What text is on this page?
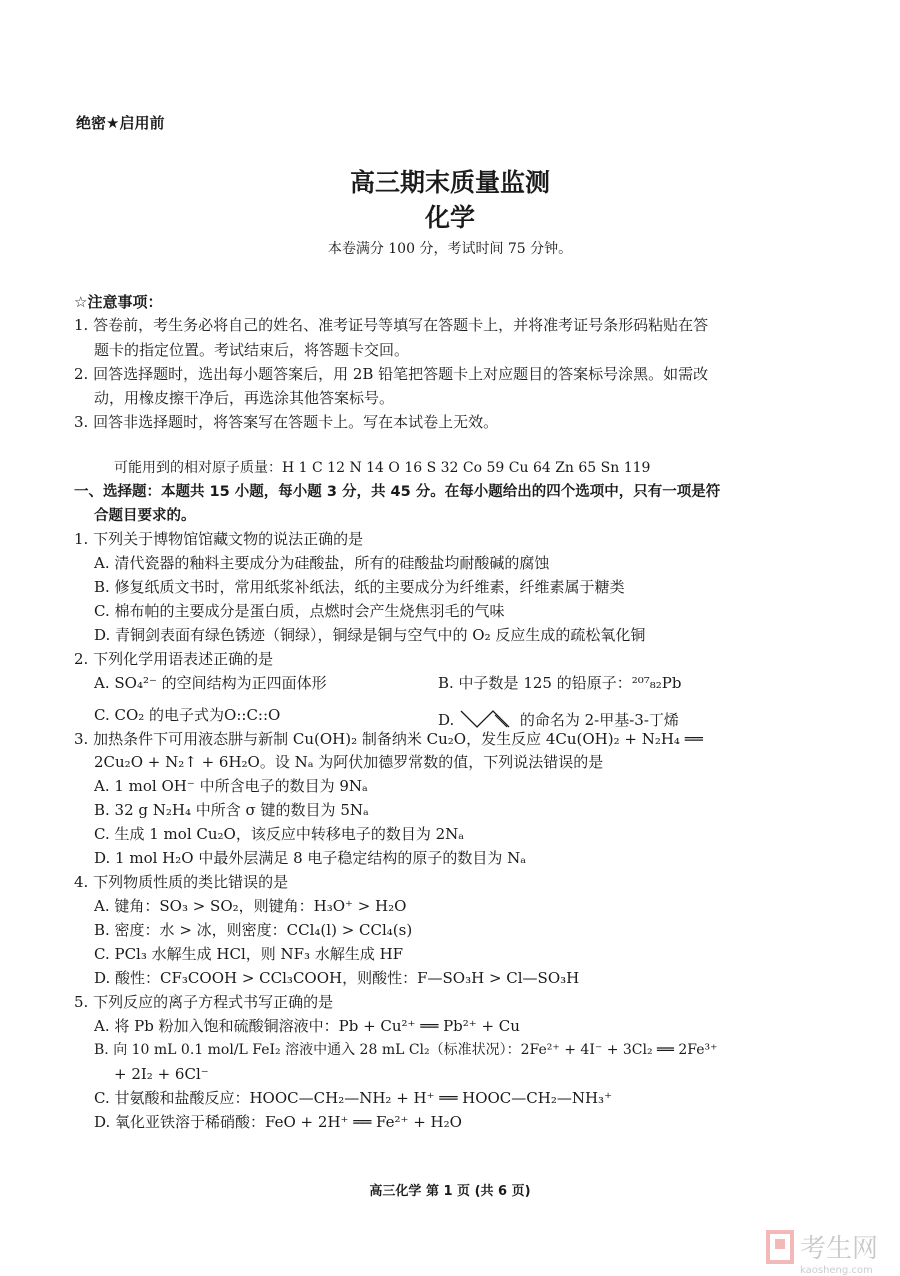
绝密★启用前
高三期末质量监测
化学
本卷满分 100 分，考试时间 75 分钟。
☆注意事项：
1. 答卷前，考生务必将自己的姓名、准考证号等填写在答题卡上，并将准考证号条形码粘贴在答
题卡的指定位置。考试结束后，将答题卡交回。
2. 回答选择题时，选出每小题答案后，用 2B 铅笔把答题卡上对应题目的答案标号涂黑。如需改
动，用橡皮擦干净后，再选涂其他答案标号。
3. 回答非选择题时，将答案写在答题卡上。写在本试卷上无效。
可能用到的相对原子质量：H 1 C 12 N 14 O 16 S 32 Co 59 Cu 64 Zn 65 Sn 119
一、选择题：本题共 15 小题，每小题 3 分，共 45 分。在每小题给出的四个选项中，只有一项是符
合题目要求的。
1. 下列关于博物馆馆藏文物的说法正确的是
A. 清代瓷器的釉料主要成分为硅酸盐，所有的硅酸盐均耐酸碱的腐蚀
B. 修复纸质文书时，常用纸浆补纸法，纸的主要成分为纤维素，纤维素属于糖类
C. 棉布帕的主要成分是蛋白质，点燃时会产生烧焦羽毛的气味
D. 青铜剑表面有绿色锈迹（铜绿），铜绿是铜与空气中的 O₂ 反应生成的疏松氧化铜
2. 下列化学用语表述正确的是
A. SO₄²⁻ 的空间结构为正四面体形	B. 中子数是 125 的铅原子：²⁰⁷₈₂Pb
C. CO₂ 的电子式为O::C::O	D.	的命名为 2-甲基-3-丁烯
3. 加热条件下可用液态肼与新制 Cu(OH)₂ 制备纳米 Cu₂O，发生反应 4Cu(OH)₂ + N₂H₄ ══
2Cu₂O + N₂↑ + 6H₂O。设 Nₐ 为阿伏加德罗常数的值，下列说法错误的是
A. 1 mol OH⁻ 中所含电子的数目为 9Nₐ
B. 32 g N₂H₄ 中所含 σ 键的数目为 5Nₐ
C. 生成 1 mol Cu₂O，该反应中转移电子的数目为 2Nₐ
D. 1 mol H₂O 中最外层满足 8 电子稳定结构的原子的数目为 Nₐ
4. 下列物质性质的类比错误的是
A. 键角：SO₃ > SO₂，则键角：H₃O⁺ > H₂O
B. 密度：水 > 冰，则密度：CCl₄(l) > CCl₄(s)
C. PCl₃ 水解生成 HCl，则 NF₃ 水解生成 HF
D. 酸性：CF₃COOH > CCl₃COOH，则酸性：F—SO₃H > Cl—SO₃H
5. 下列反应的离子方程式书写正确的是
A. 将 Pb 粉加入饱和硫酸铜溶液中：Pb + Cu²⁺ ══ Pb²⁺ + Cu
B. 向 10 mL 0.1 mol/L FeI₂ 溶液中通入 28 mL Cl₂（标准状况）：2Fe²⁺ + 4I⁻ + 3Cl₂ ══ 2Fe³⁺
+ 2I₂ + 6Cl⁻
C. 甘氨酸和盐酸反应：HOOC—CH₂—NH₂ + H⁺ ══ HOOC—CH₂—NH₃⁺
D. 氧化亚铁溶于稀硝酸：FeO + 2H⁺ ══ Fe²⁺ + H₂O
高三化学 第 1 页 (共 6 页)
考生网
kaosheng.com
